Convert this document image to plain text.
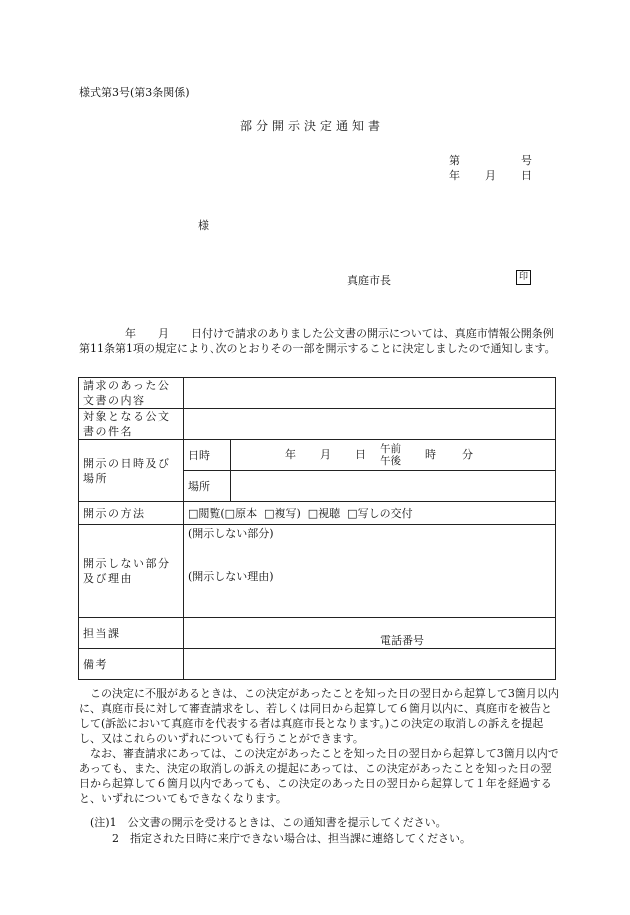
様式第3号(第3条関係)
部分開示決定通知書
第	号
年 月 日
様
真庭市長	印
年 月 日付けで請求のありました公文書の開示については、真庭市情報公開条例第11条第1項の規定により､次のとおりその一部を開示することに決定しましたので通知します。
請求のあった公文書の内容		
対象となる公文書の件名		
開示の日時及び場所	日時	年 月 日 午前
午後 時 分
	場所	
開示の方法	□閲覧(□原本 □複写) □視聴 □写しの交付	
開示しない部分及び理由	(開示しない部分)
(開示しない理由)	

担当課	電話番号	
備考		

この決定に不服があるときは、この決定があったことを知った日の翌日から起算して3箇月以内に、真庭市長に対して審査請求をし、若しくは同日から起算して６箇月以内に、真庭市を被告として(訴訟において真庭市を代表する者は真庭市長となります。)この決定の取消しの訴えを提起し、又はこれらのいずれについても行うことができます。

なお、審査請求にあっては、この決定があったことを知った日の翌日から起算して3箇月以内であっても、また、決定の取消しの訴えの提起にあっては、この決定があったことを知った日の翌日から起算して６箇月以内であっても、この決定のあった日の翌日から起算して１年を経過すると、いずれについてもできなくなります。

(注)1　公文書の開示を受けるときは、この通知書を提示してください。
2　指定された日時に来庁できない場合は、担当課に連絡してください。
